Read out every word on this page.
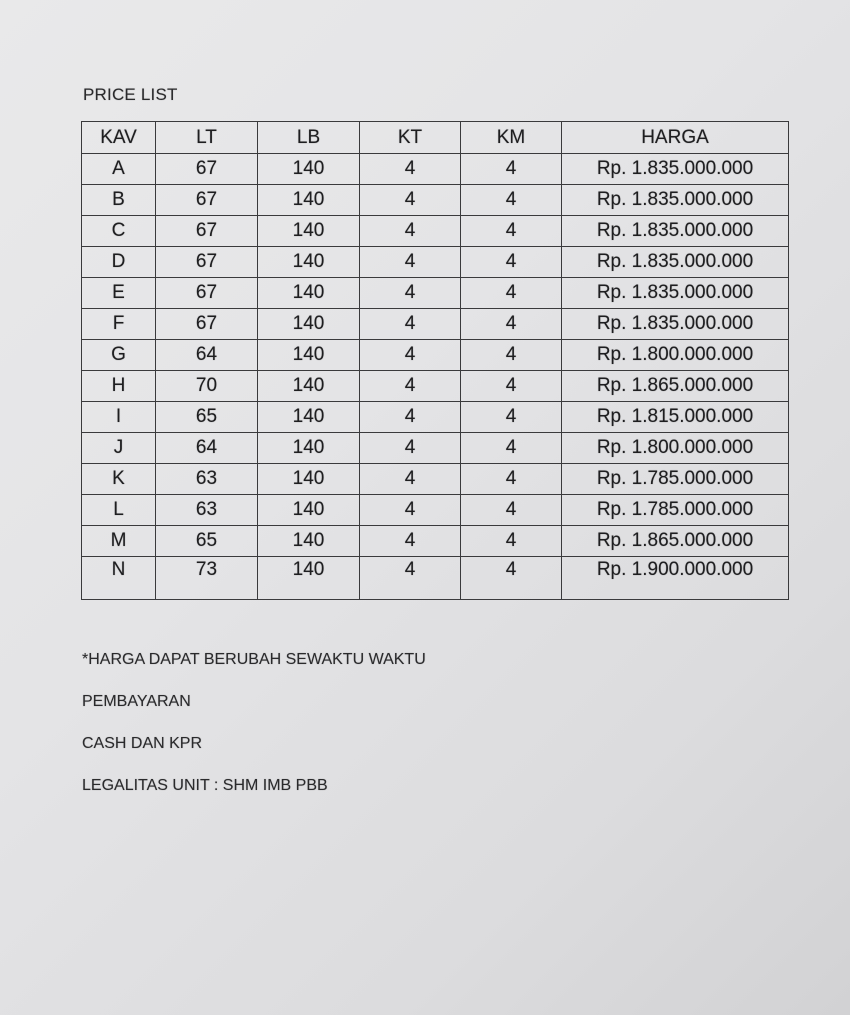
PRICE LIST
KAV	LT	LB	KT	KM	HARGA
A	67	140	4	4	Rp. 1.835.000.000
B	67	140	4	4	Rp. 1.835.000.000
C	67	140	4	4	Rp. 1.835.000.000
D	67	140	4	4	Rp. 1.835.000.000
E	67	140	4	4	Rp. 1.835.000.000
F	67	140	4	4	Rp. 1.835.000.000
G	64	140	4	4	Rp. 1.800.000.000
H	70	140	4	4	Rp. 1.865.000.000
I	65	140	4	4	Rp. 1.815.000.000
J	64	140	4	4	Rp. 1.800.000.000
K	63	140	4	4	Rp. 1.785.000.000
L	63	140	4	4	Rp. 1.785.000.000
M	65	140	4	4	Rp. 1.865.000.000
N	73	140	4	4	Rp. 1.900.000.000

*HARGA DAPAT BERUBAH SEWAKTU WAKTU

PEMBAYARAN

CASH DAN KPR

LEGALITAS UNIT : SHM IMB PBB
